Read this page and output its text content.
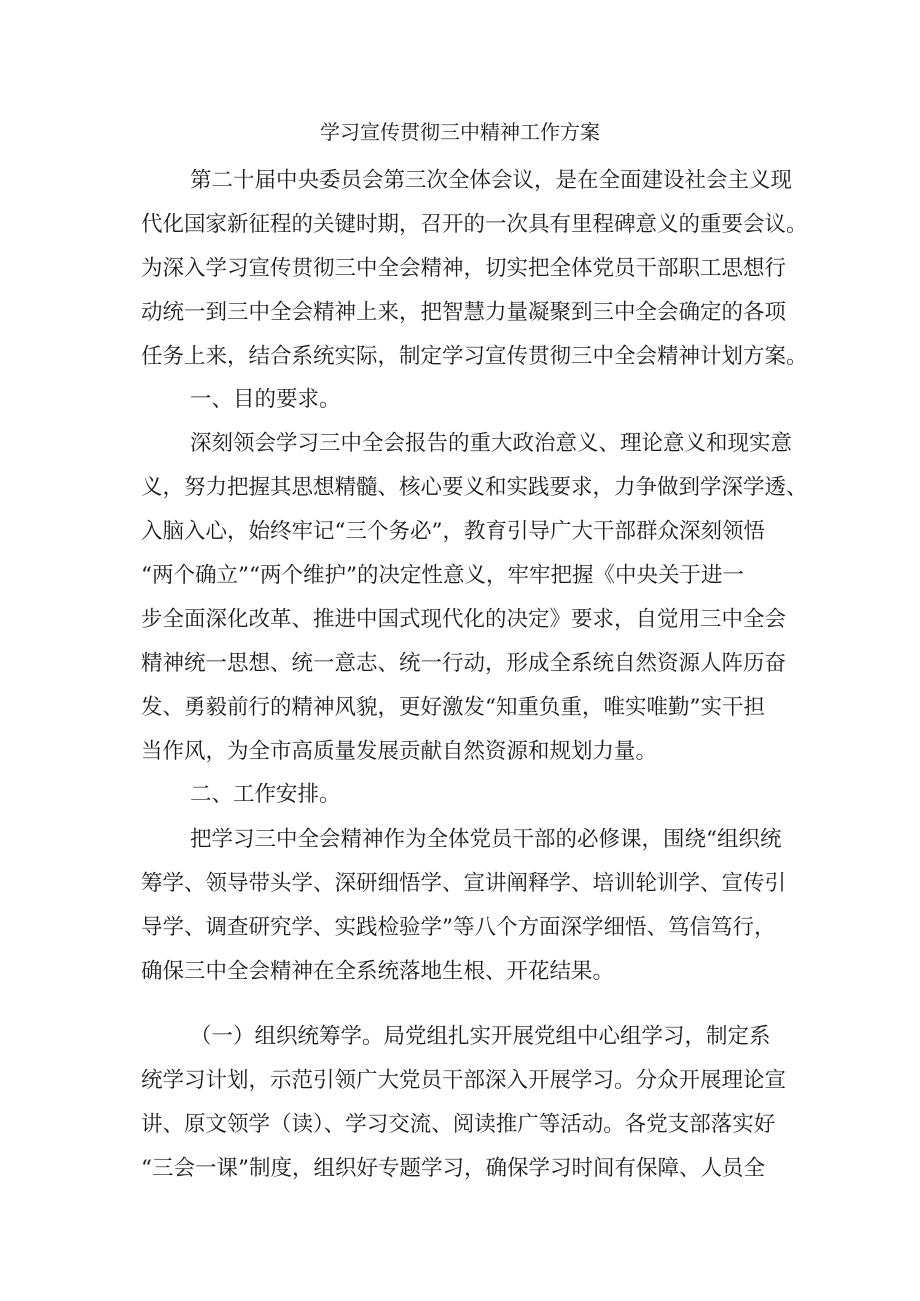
学习宣传贯彻三中精神工作方案

第二十届中央委员会第三次全体会议，是在全面建设社会主义现

代化国家新征程的关键时期，召开的一次具有里程碑意义的重要会议。

为深入学习宣传贯彻三中全会精神，切实把全体党员干部职工思想行

动统一到三中全会精神上来，把智慧力量凝聚到三中全会确定的各项

任务上来，结合系统实际，制定学习宣传贯彻三中全会精神计划方案。

一、目的要求。

深刻领会学习三中全会报告的重大政治意义、理论意义和现实意

义，努力把握其思想精髓、核心要义和实践要求，力争做到学深学透、

入脑入心，始终牢记“三个务必”，教育引导广大干部群众深刻领悟

“两个确立”“两个维护”的决定性意义，牢牢把握《中央关于进一

步全面深化改革、推进中国式现代化的决定》要求，自觉用三中全会

精神统一思想、统一意志、统一行动，形成全系统自然资源人阵历奋

发、勇毅前行的精神风貌，更好激发“知重负重，唯实唯勤”实干担

当作风，为全市高质量发展贡献自然资源和规划力量。

二、工作安排。

把学习三中全会精神作为全体党员干部的必修课，围绕“组织统

筹学、领导带头学、深研细悟学、宣讲阐释学、培训轮训学、宣传引

导学、调查研究学、实践检验学”等八个方面深学细悟、笃信笃行，

确保三中全会精神在全系统落地生根、开花结果。

（一）组织统筹学。局党组扎实开展党组中心组学习，制定系

统学习计划，示范引领广大党员干部深入开展学习。分众开展理论宣

讲、原文领学（读）、学习交流、阅读推广等活动。各党支部落实好

“三会一课”制度，组织好专题学习，确保学习时间有保障、人员全
